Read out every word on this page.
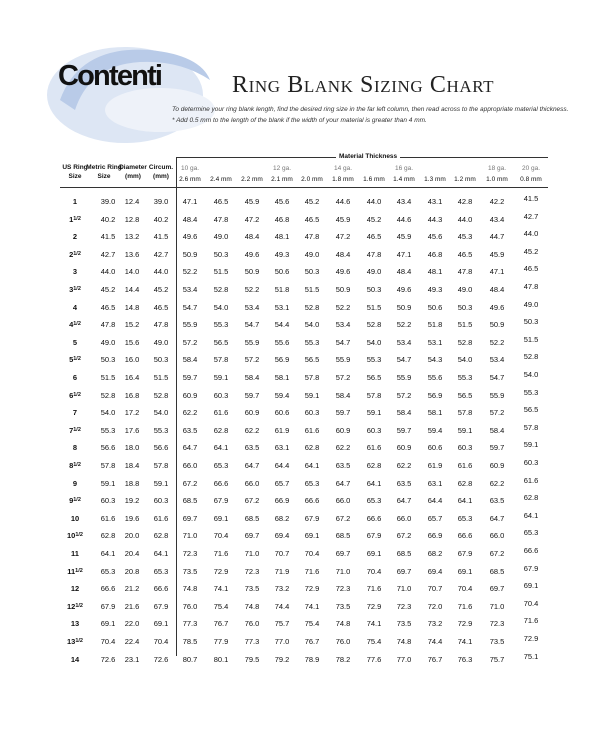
Contenti	Ring Blank Sizing Chart
To determine your ring blank length, find the desired ring size in the far left column, then read across to the appropriate material thickness.
* Add 0.5 mm to the length of the blank if the width of your material is greater than 4 mm.
Material Thickness
US Ring Size
Metric Ring Size
Diameter (mm)
Circum. (mm)
10 ga.	12 ga.	14 ga.	16 ga.	18 ga.	20 ga.
2.6 mm	2.4 mm	2.2 mm	2.1 mm	2.0 mm	1.8 mm	1.6 mm	1.4 mm	1.3 mm	1.2 mm	1.0 mm	0.8 mm
1	39.0	12.4	39.0	47.1	46.5	45.9	45.6	45.2	44.6	44.0	43.4	43.1	42.8	42.2	41.5
$1^{1/2}$	40.2	12.8	40.2	48.4	47.8	47.2	46.8	46.5	45.9	45.2	44.6	44.3	44.0	43.4	42.7
2	41.5	13.2	41.5	49.6	49.0	48.4	48.1	47.8	47.2	46.5	45.9	45.6	45.3	44.7	44.0
$2^{1/2}$	42.7	13.6	42.7	50.9	50.3	49.6	49.3	49.0	48.4	47.8	47.1	46.8	46.5	45.9	45.2
3	44.0	14.0	44.0	52.2	51.5	50.9	50.6	50.3	49.6	49.0	48.4	48.1	47.8	47.1	46.5
$3^{1/2}$	45.2	14.4	45.2	53.4	52.8	52.2	51.8	51.5	50.9	50.3	49.6	49.3	49.0	48.4	47.8
4	46.5	14.8	46.5	54.7	54.0	53.4	53.1	52.8	52.2	51.5	50.9	50.6	50.3	49.6	49.0
$4^{1/2}$	47.8	15.2	47.8	55.9	55.3	54.7	54.4	54.0	53.4	52.8	52.2	51.8	51.5	50.9	50.3
5	49.0	15.6	49.0	57.2	56.5	55.9	55.6	55.3	54.7	54.0	53.4	53.1	52.8	52.2	51.5
$5^{1/2}$	50.3	16.0	50.3	58.4	57.8	57.2	56.9	56.5	55.9	55.3	54.7	54.3	54.0	53.4	52.8
6	51.5	16.4	51.5	59.7	59.1	58.4	58.1	57.8	57.2	56.5	55.9	55.6	55.3	54.7	54.0
$6^{1/2}$	52.8	16.8	52.8	60.9	60.3	59.7	59.4	59.1	58.4	57.8	57.2	56.9	56.5	55.9	55.3
7	54.0	17.2	54.0	62.2	61.6	60.9	60.6	60.3	59.7	59.1	58.4	58.1	57.8	57.2	56.5
$7^{1/2}$	55.3	17.6	55.3	63.5	62.8	62.2	61.9	61.6	60.9	60.3	59.7	59.4	59.1	58.4	57.8
8	56.6	18.0	56.6	64.7	64.1	63.5	63.1	62.8	62.2	61.6	60.9	60.6	60.3	59.7	59.1
$8^{1/2}$	57.8	18.4	57.8	66.0	65.3	64.7	64.4	64.1	63.5	62.8	62.2	61.9	61.6	60.9	60.3
9	59.1	18.8	59.1	67.2	66.6	66.0	65.7	65.3	64.7	64.1	63.5	63.1	62.8	62.2	61.6
$9^{1/2}$	60.3	19.2	60.3	68.5	67.9	67.2	66.9	66.6	66.0	65.3	64.7	64.4	64.1	63.5	62.8
10	61.6	19.6	61.6	69.7	69.1	68.5	68.2	67.9	67.2	66.6	66.0	65.7	65.3	64.7	64.1
$10^{1/2}$	62.8	20.0	62.8	71.0	70.4	69.7	69.4	69.1	68.5	67.9	67.2	66.9	66.6	66.0	65.3
11	64.1	20.4	64.1	72.3	71.6	71.0	70.7	70.4	69.7	69.1	68.5	68.2	67.9	67.2	66.6
$11^{1/2}$	65.3	20.8	65.3	73.5	72.9	72.3	71.9	71.6	71.0	70.4	69.7	69.4	69.1	68.5	67.9
12	66.6	21.2	66.6	74.8	74.1	73.5	73.2	72.9	72.3	71.6	71.0	70.7	70.4	69.7	69.1
$12^{1/2}$	67.9	21.6	67.9	76.0	75.4	74.8	74.4	74.1	73.5	72.9	72.3	72.0	71.6	71.0	70.4
13	69.1	22.0	69.1	77.3	76.7	76.0	75.7	75.4	74.8	74.1	73.5	73.2	72.9	72.3	71.6
$13^{1/2}$	70.4	22.4	70.4	78.5	77.9	77.3	77.0	76.7	76.0	75.4	74.8	74.4	74.1	73.5	72.9
14	72.6	23.1	72.6	80.7	80.1	79.5	79.2	78.9	78.2	77.6	77.0	76.7	76.3	75.7	75.1
